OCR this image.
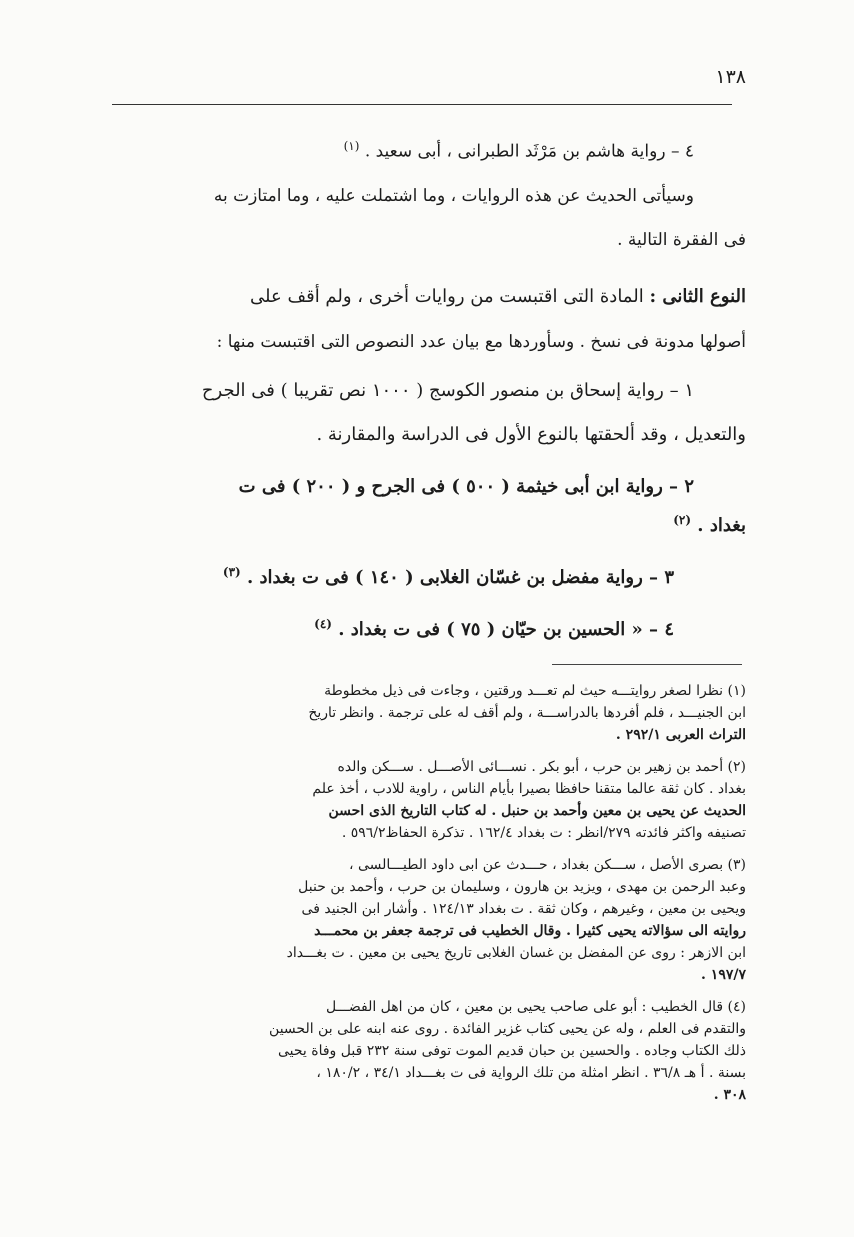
١٣٨
٤ – رواية هاشم بن مَرْثَد الطبرانى ، أبى سعيد . $^{(١)}$
وسيأتى الحديث عن هذه الروايات ، وما اشتملت عليه ، وما امتازت به
فى الفقرة التالية .
النوع الثانى : المادة التى اقتبست من روايات أخرى ، ولم أقف على
أصولها مدونة فى نسخ . وسأوردها مع بيان عدد النصوص التى اقتبست منها :
١ – رواية إسحاق بن منصور الكوسج ( ١٠٠٠ نص تقريبا ) فى الجرح
والتعديل ، وقد ألحقتها بالنوع الأول فى الدراسة والمقارنة .
٢ – رواية ابن أبى خيثمة ( ٥٠٠ ) فى الجرح و ( ٢٠٠ ) فى ت
بغداد . $^{(٢)}$
٣ – رواية مفضل بن غسّان الغلابى ( ١٤٠ ) فى ت بغداد . $^{(٣)}$
٤ – « الحسين بن حيّان ( ٧٥ ) فى ت بغداد . $^{(٤)}$

(١) نظرا لصغر روايتـــه حيث لم تعـــد ورقتين ، وجاءت فى ذيل مخطوطة
ابن الجنيـــد ، فلم أفردها بالدراســـة ، ولم أقف له على ترجمة . وانظر تاريخ
التراث العربى ٢٩٢/١ .

(٢) أحمد بن زهير بن حرب ، أبو بكر . نســـائى الأصـــل . ســـكن والده
بغداد . كان ثقة عالما متقنا حافظا بصيرا بأيام الناس ، راوية للادب ، أخذ علم
الحديث عن يحيى بن معين وأحمد بن حنبل . له كتاب التاريخ الذى احسن
تصنيفه واكثر فائدته ٢٧٩/انظر : ت بغداد ١٦٢/٤ . تذكرة الحفاظ٥٩٦/٢ .

(٣) بصرى الأصل ، ســـكن بغداد ، حـــدث عن ابى داود الطيـــالسى ،
وعبد الرحمن بن مهدى ، ويزيد بن هارون ، وسليمان بن حرب ، وأحمد بن حنبل
ويحيى بن معين ، وغيرهم ، وكان ثقة . ت بغداد ١٢٤/١٣ . وأشار ابن الجنيد فى
روايته الى سؤالاته يحيى كثيرا . وقال الخطيب فى ترجمة جعفر بن محمـــد
ابن الازهر : روى عن المفضل بن غسان الغلابى تاريخ يحيى بن معين . ت بغـــداد
١٩٧/٧ .

(٤) قال الخطيب : أبو على صاحب يحيى بن معين ، كان من اهل الفضـــل
والتقدم فى العلم ، وله عن يحيى كتاب غزير الفائدة . روى عنه ابنه على بن الحسين
ذلك الكتاب وجاده . والحسين بن حبان قديم الموت توفى سنة ٢٣٢ قبل وفاة يحيى
بسنة . أ هـ ٣٦/٨ . انظر امثلة من تلك الرواية فى ت بغـــداد ٣٤/١ ، ١٨٠/٢ ،
٣٠٨ .
